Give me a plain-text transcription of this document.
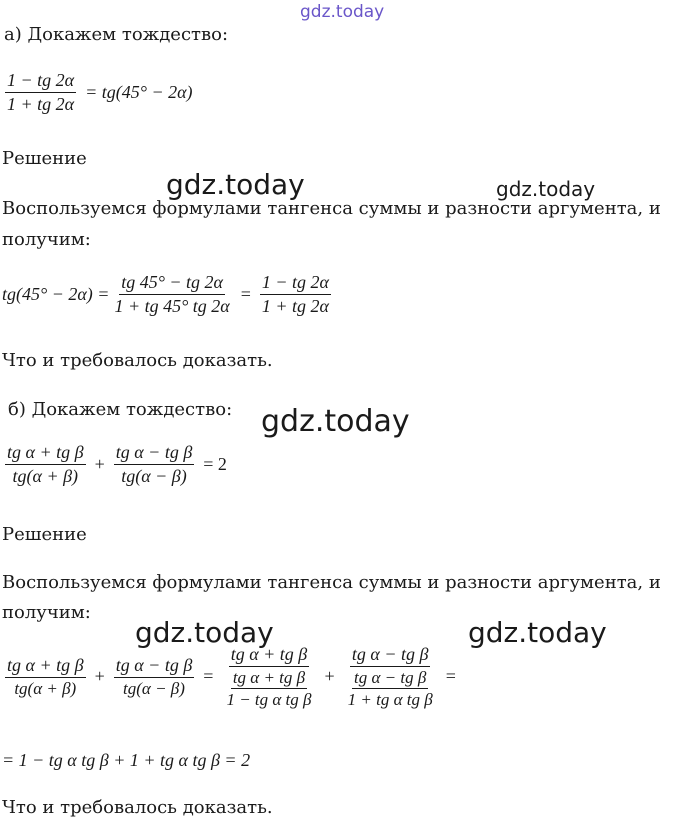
gdz.today
gdz.today	gdz.today
gdz.today
gdz.today	gdz.today
а) Докажем тождество:
$\frac{1 - tg 2\alpha}{1 + tg 2\alpha} = tg(45^\circ - 2\alpha)$
Решение
Воспользуемся формулами тангенса суммы и разности аргумента, и
получим:
$tg(45^\circ - 2\alpha) = \frac{tg 45^\circ - tg 2\alpha}{1 + tg 45^\circ tg 2\alpha} = \frac{1 - tg 2\alpha}{1 + tg 2\alpha}$
Что и требовалось доказать.
б) Докажем тождество:
$\frac{\text{tg α + tg β}}{tg(\alpha + \beta)} + \frac{\text{tg α − tg β}}{tg(\alpha - \beta)} = 2$
Решение
Воспользуемся формулами тангенса суммы и разности аргумента, и
получим:
$\frac{\text{tg α + tg β}}{tg(\alpha + \beta)} + \frac{\text{tg α − tg β}}{tg(\alpha - \beta)} = \frac{\text{tg α + tg β}}{\frac{\text{tg α + tg β}}{\text{1 − tg α tg β}}} + \frac{\text{tg α − tg β}}{\frac{\text{tg α − tg β}}{\text{1 + tg α tg β}}}$ =
= 1 − tg α tg β + 1 + tg α tg β = 2
Что и требовалось доказать.
